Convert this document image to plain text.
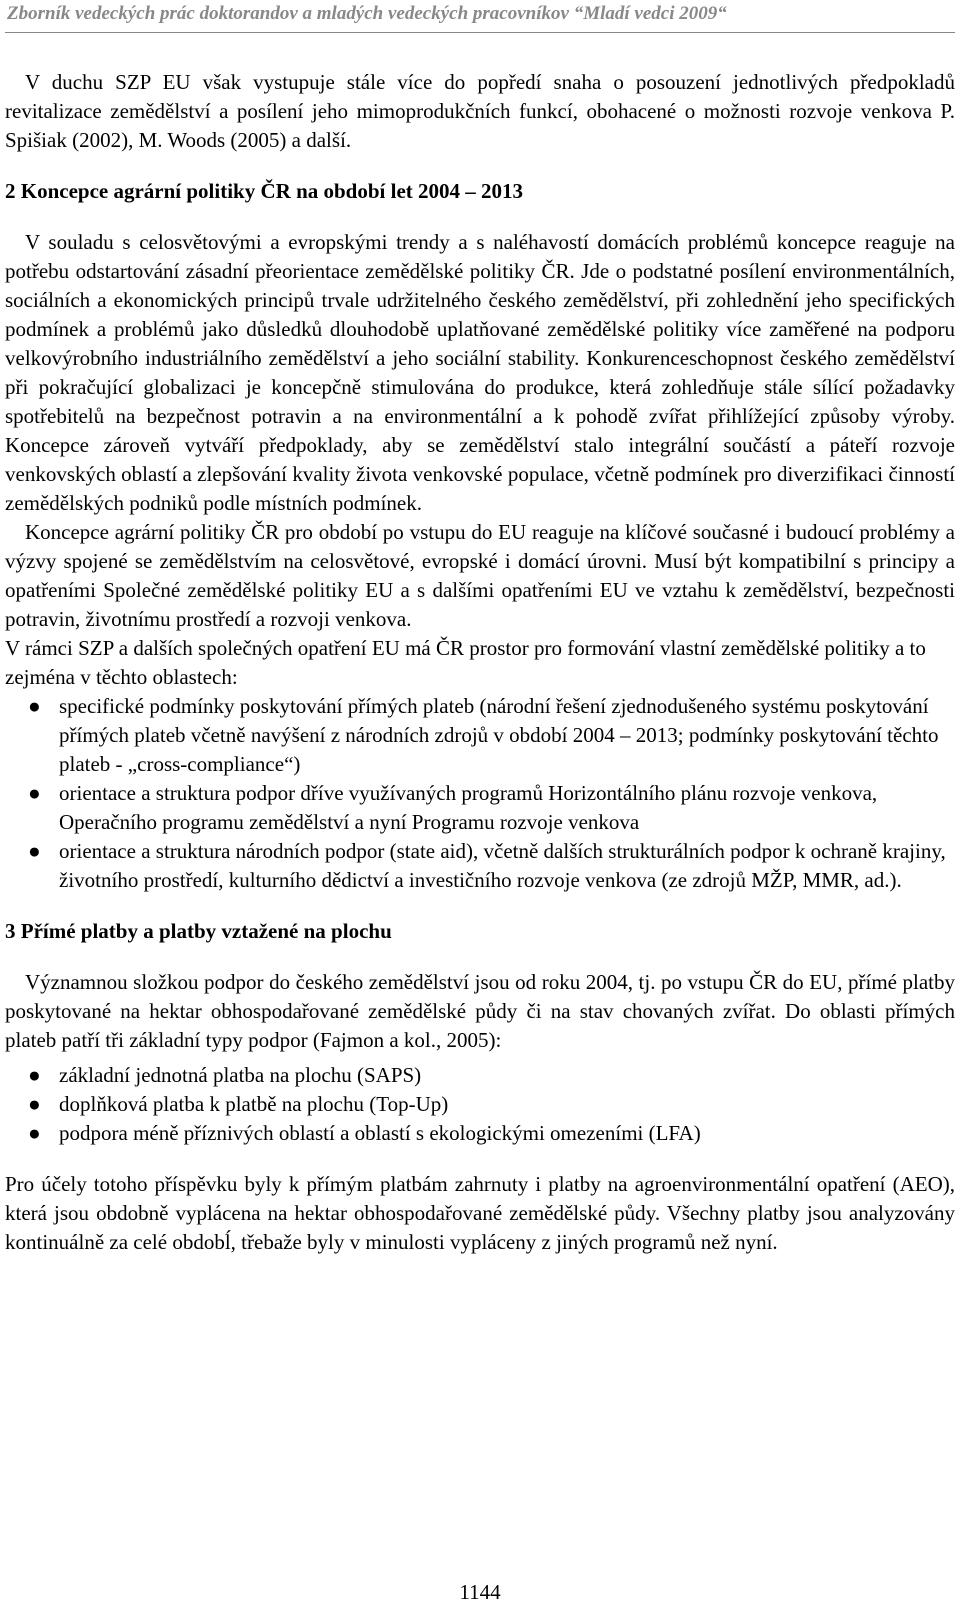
Zborník vedeckých prác doktorandov a mladých vedeckých pracovníkov “Mladí vedci 2009“

V duchu SZP EU však vystupuje stále více do popředí snaha o posouzení jednotlivých předpokladů revitalizace zemědělství a posílení jeho mimoprodukčních funkcí, obohacené o možnosti rozvoje venkova P. Spišiak (2002), M. Woods (2005) a další.

2 Koncepce agrární politiky ČR na období let 2004 – 2013

V souladu s celosvětovými a evropskými trendy a s naléhavostí domácích problémů koncepce reaguje na potřebu odstartování zásadní přeorientace zemědělské politiky ČR. Jde o podstatné posílení environmentálních, sociálních a ekonomických principů trvale udržitelného českého zemědělství, při zohlednění jeho specifických podmínek a problémů jako důsledků dlouhodobě uplatňované zemědělské politiky více zaměřené na podporu velkovýrobního industriálního zemědělství a jeho sociální stability. Konkurenceschopnost českého zemědělství při pokračující globalizaci je koncepčně stimulována do produkce, která zohledňuje stále sílící požadavky spotřebitelů na bezpečnost potravin a na environmentální a k pohodě zvířat přihlížející způsoby výroby. Koncepce zároveň vytváří předpoklady, aby se zemědělství stalo integrální součástí a páteří rozvoje venkovských oblastí a zlepšování kvality života venkovské populace, včetně podmínek pro diverzifikaci činností zemědělských podniků podle místních podmínek.

Koncepce agrární politiky ČR pro období po vstupu do EU reaguje na klíčové současné i budoucí problémy a výzvy spojené se zemědělstvím na celosvětové, evropské i domácí úrovni. Musí být kompatibilní s principy a opatřeními Společné zemědělské politiky EU a s dalšími opatřeními EU ve vztahu k zemědělství, bezpečnosti potravin, životnímu prostředí a rozvoji venkova.

V rámci SZP a dalších společných opatření EU má ČR prostor pro formování vlastní zemědělské politiky a to zejména v těchto oblastech:

● specifické podmínky poskytování přímých plateb (národní řešení zjednodušeného systému poskytování přímých plateb včetně navýšení z národních zdrojů v období 2004 – 2013; podmínky poskytování těchto plateb - „cross-compliance“)
● orientace a struktura podpor dříve využívaných programů Horizontálního plánu rozvoje venkova, Operačního programu zemědělství a nyní Programu rozvoje venkova
● orientace a struktura národních podpor (state aid), včetně dalších strukturálních podpor k ochraně krajiny, životního prostředí, kulturního dědictví a investičního rozvoje venkova (ze zdrojů MŽP, MMR, ad.).
3 Přímé platby a platby vztažené na plochu

Významnou složkou podpor do českého zemědělství jsou od roku 2004, tj. po vstupu ČR do EU, přímé platby poskytované na hektar obhospodařované zemědělské půdy či na stav chovaných zvířat. Do oblasti přímých plateb patří tři základní typy podpor (Fajmon a kol., 2005):

● základní jednotná platba na plochu (SAPS)
● doplňková platba k platbě na plochu (Top-Up)
● podpora méně příznivých oblastí a oblastí s ekologickými omezeními (LFA)

Pro účely totoho příspěvku byly k přímým platbám zahrnuty i platby na agroenvironmentální opatření (AEO), která jsou obdobně vyplácena na hektar obhospodařované zemědělské půdy. Všechny platby jsou analyzovány kontinuálně za celé obdobĺ, třebaže byly v minulosti vypláceny z jiných programů než nyní.

1144
